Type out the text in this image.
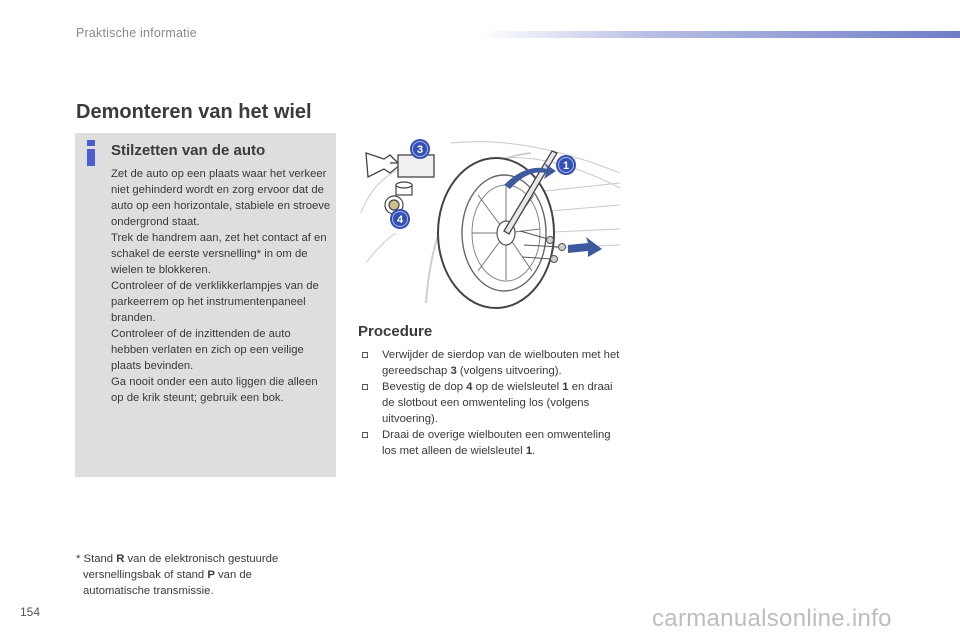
Praktische informatie
Demonteren van het wiel
Stilzetten van de auto

Zet de auto op een plaats waar het verkeer niet gehinderd wordt en zorg ervoor dat de auto op een horizontale, stabiele en stroeve ondergrond staat.

Trek de handrem aan, zet het contact af en schakel de eerste versnelling* in om de wielen te blokkeren.

Controleer of de verklikkerlampjes van de parkeerrem op het instrumentenpaneel branden.

Controleer of de inzittenden de auto hebben verlaten en zich op een veilige plaats bevinden.

Ga nooit onder een auto liggen die alleen op de krik steunt; gebruik een bok.

1
3
4
Procedure
Verwijder de sierdop van de wielbouten met het gereedschap 3 (volgens uitvoering).
Bevestig de dop 4 op de wielsleutel 1 en draai de slotbout een omwenteling los (volgens uitvoering).
Draai de overige wielbouten een omwenteling los met alleen de wielsleutel 1.
* Stand R van de elektronisch gestuurde
versnellingsbak of stand P van de automatische transmissie.
154	carmanualsonline.info
